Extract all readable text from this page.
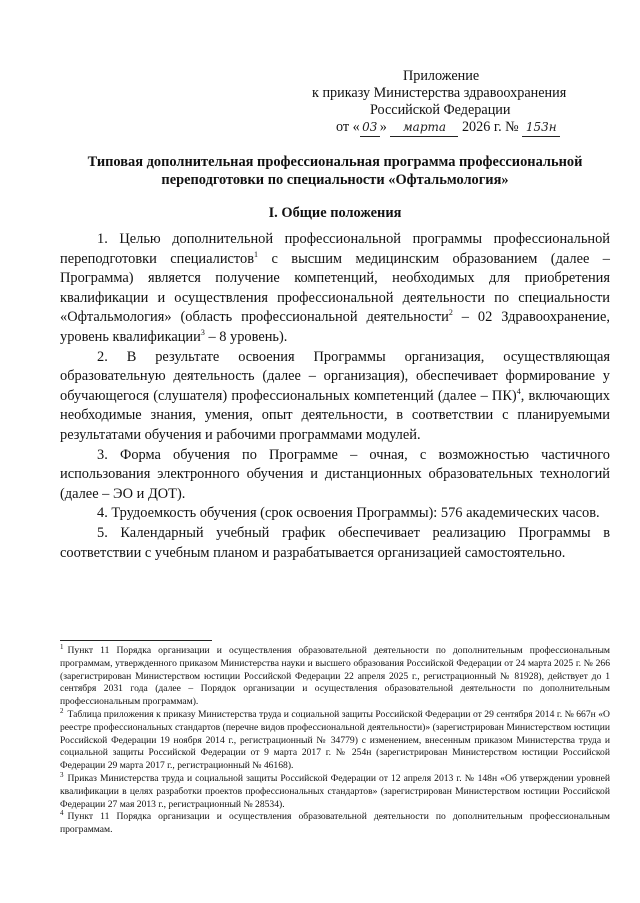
Приложение
к приказу Министерства здравоохранения
Российской Федерации
от « 03 » марта 2026 г. № 153н
Типовая дополнительная профессиональная программа профессиональной переподготовки по специальности «Офтальмология»
I. Общие положения

1. Целью дополнительной профессиональной программы профессиональной переподготовки специалистов$^1$ с высшим медицинским образованием (далее – Программа) является получение компетенций, необходимых для приобретения квалификации и осуществления профессиональной деятельности по специальности «Офтальмология» (область профессиональной деятельности$^2$ – 02 Здравоохранение, уровень квалификации$^3$ – 8 уровень).

2. В результате освоения Программы организация, осуществляющая образовательную деятельность (далее – организация), обеспечивает формирование у обучающегося (слушателя) профессиональных компетенций (далее – ПК)$^4$, включающих необходимые знания, умения, опыт деятельности, в соответствии с планируемыми результатами обучения и рабочими программами модулей.

3. Форма обучения по Программе – очная, с возможностью частичного использования электронного обучения и дистанционных образовательных технологий (далее – ЭО и ДОТ).

4. Трудоемкость обучения (срок освоения Программы): 576 академических часов.

5. Календарный учебный график обеспечивает реализацию Программы в соответствии с учебным планом и разрабатывается организацией самостоятельно.

$^1$ Пункт 11 Порядка организации и осуществления образовательной деятельности по дополнительным профессиональным программам, утвержденного приказом Министерства науки и высшего образования Российской Федерации от 24 марта 2025 г. № 266 (зарегистрирован Министерством юстиции Российской Федерации 22 апреля 2025 г., регистрационный № 81928), действует до 1 сентября 2031 года (далее – Порядок организации и осуществления образовательной деятельности по дополнительным профессиональным программам).

$^2$ Таблица приложения к приказу Министерства труда и социальной защиты Российской Федерации от 29 сентября 2014 г. № 667н «О реестре профессиональных стандартов (перечне видов профессиональной деятельности)» (зарегистрирован Министерством юстиции Российской Федерации 19 ноября 2014 г., регистрационный № 34779) с изменением, внесенным приказом Министерства труда и социальной защиты Российской Федерации от 9 марта 2017 г. № 254н (зарегистрирован Министерством юстиции Российской Федерации 29 марта 2017 г., регистрационный № 46168).

$^3$ Приказ Министерства труда и социальной защиты Российской Федерации от 12 апреля 2013 г. № 148н «Об утверждении уровней квалификации в целях разработки проектов профессиональных стандартов» (зарегистрирован Министерством юстиции Российской Федерации 27 мая 2013 г., регистрационный № 28534).

$^4$ Пункт 11 Порядка организации и осуществления образовательной деятельности по дополнительным профессиональным программам.
